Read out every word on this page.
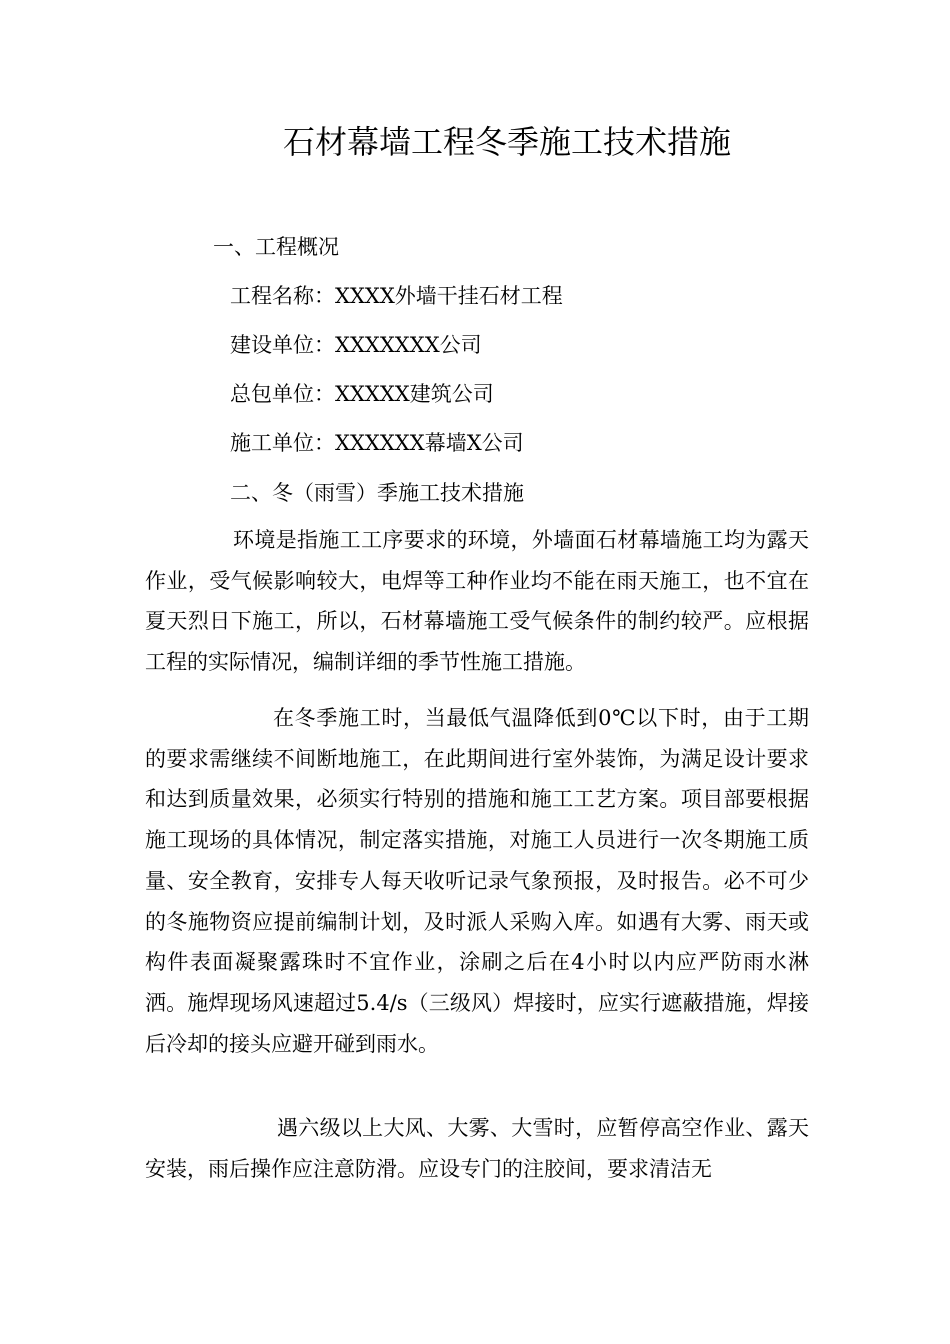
石材幕墙工程冬季施工技术措施
一、工程概况
工程名称：XXXX外墙干挂石材工程
建设单位：XXXXXXX公司
总包单位：XXXXX建筑公司
施工单位：XXXXXX幕墙X公司
二、冬（雨雪）季施工技术措施
环境是指施工工序要求的环境，外墙面石材幕墙施工均为露天作业，受气候影响较大，电焊等工种作业均不能在雨天施工，也不宜在夏天烈日下施工，所以，石材幕墙施工受气候条件的制约较严。应根据工程的实际情况，编制详细的季节性施工措施。
在冬季施工时，当最低气温降低到0℃以下时，由于工期的要求需继续不间断地施工，在此期间进行室外装饰，为满足设计要求和达到质量效果，必须实行特别的措施和施工工艺方案。项目部要根据施工现场的具体情况，制定落实措施，对施工人员进行一次冬期施工质量、安全教育，安排专人每天收听记录气象预报，及时报告。必不可少的冬施物资应提前编制计划，及时派人采购入库。如遇有大雾、雨天或构件表面凝聚露珠时不宜作业，涂刷之后在4小时以内应严防雨水淋洒。施焊现场风速超过5.4/s（三级风）焊接时，应实行遮蔽措施，焊接后冷却的接头应避开碰到雨水。
遇六级以上大风、大雾、大雪时，应暂停高空作业、露天安装，雨后操作应注意防滑。应设专门的注胶间，要求清洁无
